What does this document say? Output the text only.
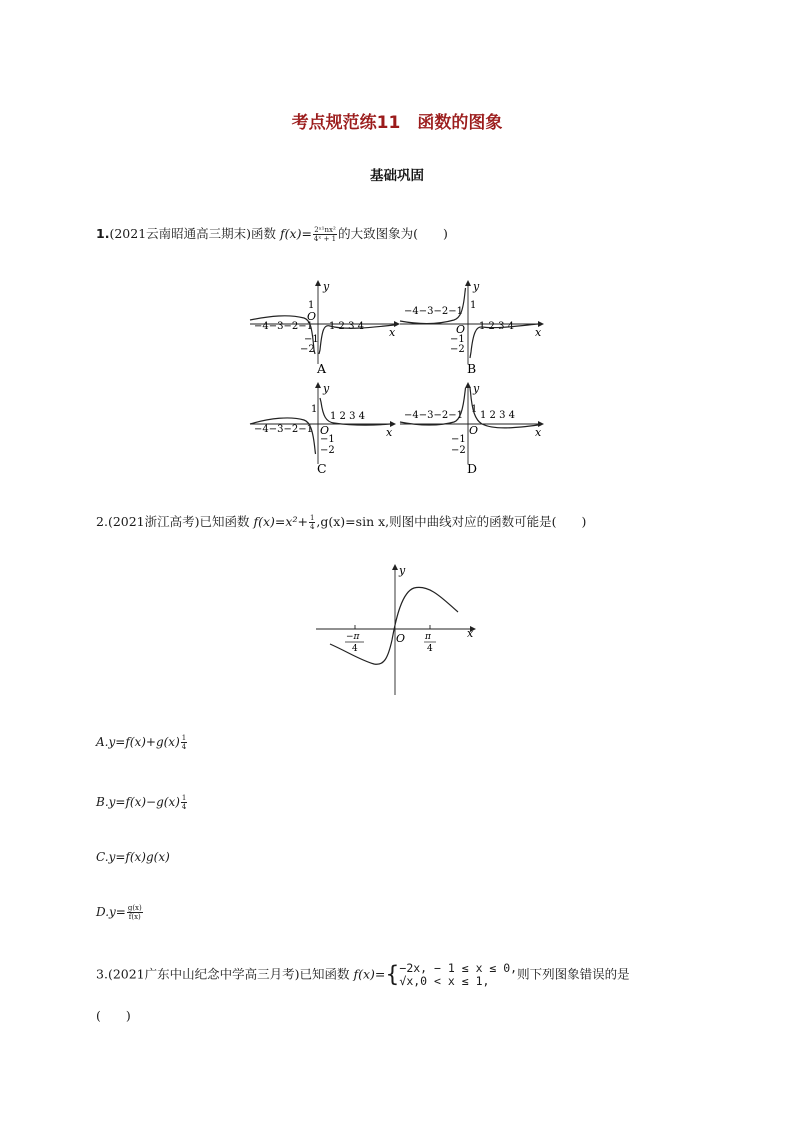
考点规范练11　函数的图象
基础巩固
1.(2021云南昭通高三期末)函数 $f(x)= \frac{\text{2ˣ¹nx²}}{\text{4ˣ + 1}}$ 的大致图象为(　　)
y
x
O
1
−1
−2
−4−3−2−1 1 2 3 4
A
y
x
O
1
−1
−2
−4−3−2−1
1 2 3 4
B
y
x
O
1
−1
−2
−4−3−2−1
1 2 3 4
C
y
x
O
1
−1
−2
−4−3−2−1 1 2 3 4
D
2.(2021浙江高考)已知函数 $f(x)=x^2+ \frac{1}{4} ,g(x)=\sin$ x,则图中曲线对应的函数可能是(　　)
y
x
O
−π
4
π
4
$A.y=f(x)+g(x) \frac{1}{4}$
$B.y=f(x)-g(x) \frac{1}{4}$
C.y=f(x)g(x)
$D.y= \frac{g(x)}{f(x)}$
3.(2021广东中山纪念中学高三月考)已知函数 f(x)={ −2x, − 1 ≤ x ≤ 0,
√x,0 < x ≤ 1,	则下列图象错误的是
(　　)
